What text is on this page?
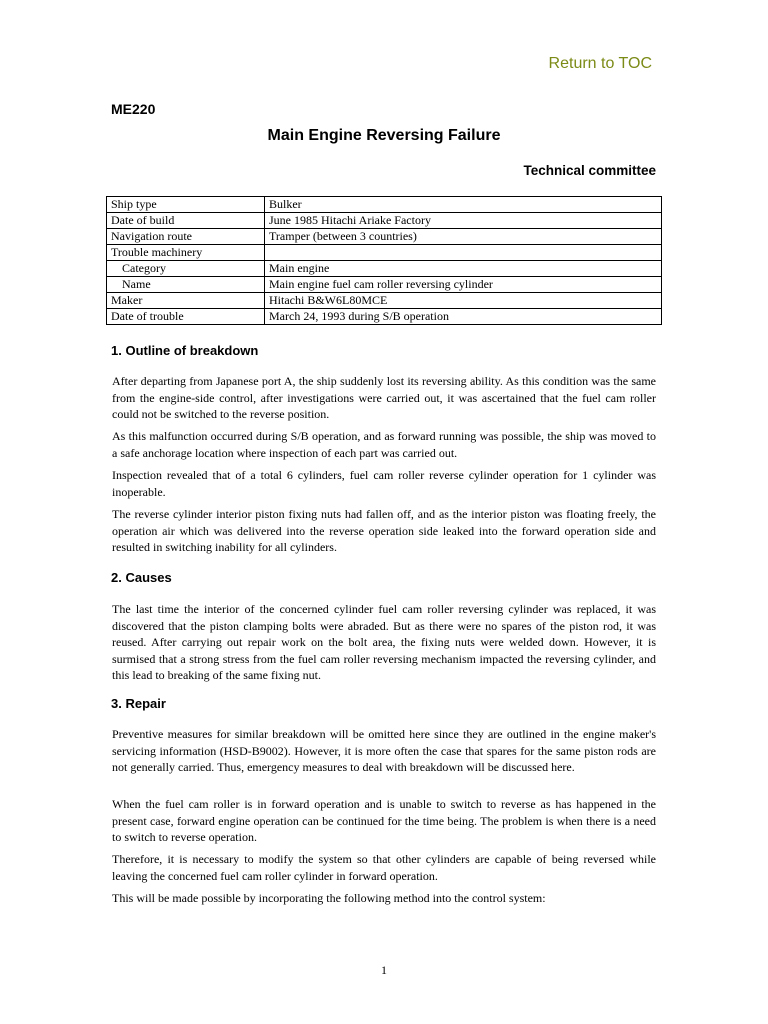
Return to TOC
ME220
Main Engine Reversing Failure
Technical committee
Ship type	Bulker
Date of build	June 1985 Hitachi Ariake Factory
Navigation route	Tramper (between 3 countries)
Trouble machinery	
Category	Main engine
Name	Main engine fuel cam roller reversing cylinder
Maker	Hitachi B&W6L80MCE
Date of trouble	March 24, 1993 during S/B operation
1. Outline of breakdown

After departing from Japanese port A, the ship suddenly lost its reversing ability. As this condition was the same from the engine-side control, after investigations were carried out, it was ascertained that the fuel cam roller could not be switched to the reverse position.

As this malfunction occurred during S/B operation, and as forward running was possible, the ship was moved to a safe anchorage location where inspection of each part was carried out.

Inspection revealed that of a total 6 cylinders, fuel cam roller reverse cylinder operation for 1 cylinder was inoperable.

The reverse cylinder interior piston fixing nuts had fallen off, and as the interior piston was floating freely, the operation air which was delivered into the reverse operation side leaked into the forward operation side and resulted in switching inability for all cylinders.

2. Causes

The last time the interior of the concerned cylinder fuel cam roller reversing cylinder was replaced, it was discovered that the piston clamping bolts were abraded. But as there were no spares of the piston rod, it was reused. After carrying out repair work on the bolt area, the fixing nuts were welded down. However, it is surmised that a strong stress from the fuel cam roller reversing mechanism impacted the reversing cylinder, and this lead to breaking of the same fixing nut.

3. Repair

Preventive measures for similar breakdown will be omitted here since they are outlined in the engine maker's servicing information (HSD-B9002). However, it is more often the case that spares for the same piston rods are not generally carried. Thus, emergency measures to deal with breakdown will be discussed here.

When the fuel cam roller is in forward operation and is unable to switch to reverse as has happened in the present case, forward engine operation can be continued for the time being. The problem is when there is a need to switch to reverse operation.

Therefore, it is necessary to modify the system so that other cylinders are capable of being reversed while leaving the concerned fuel cam roller cylinder in forward operation.

This will be made possible by incorporating the following method into the control system:

1
